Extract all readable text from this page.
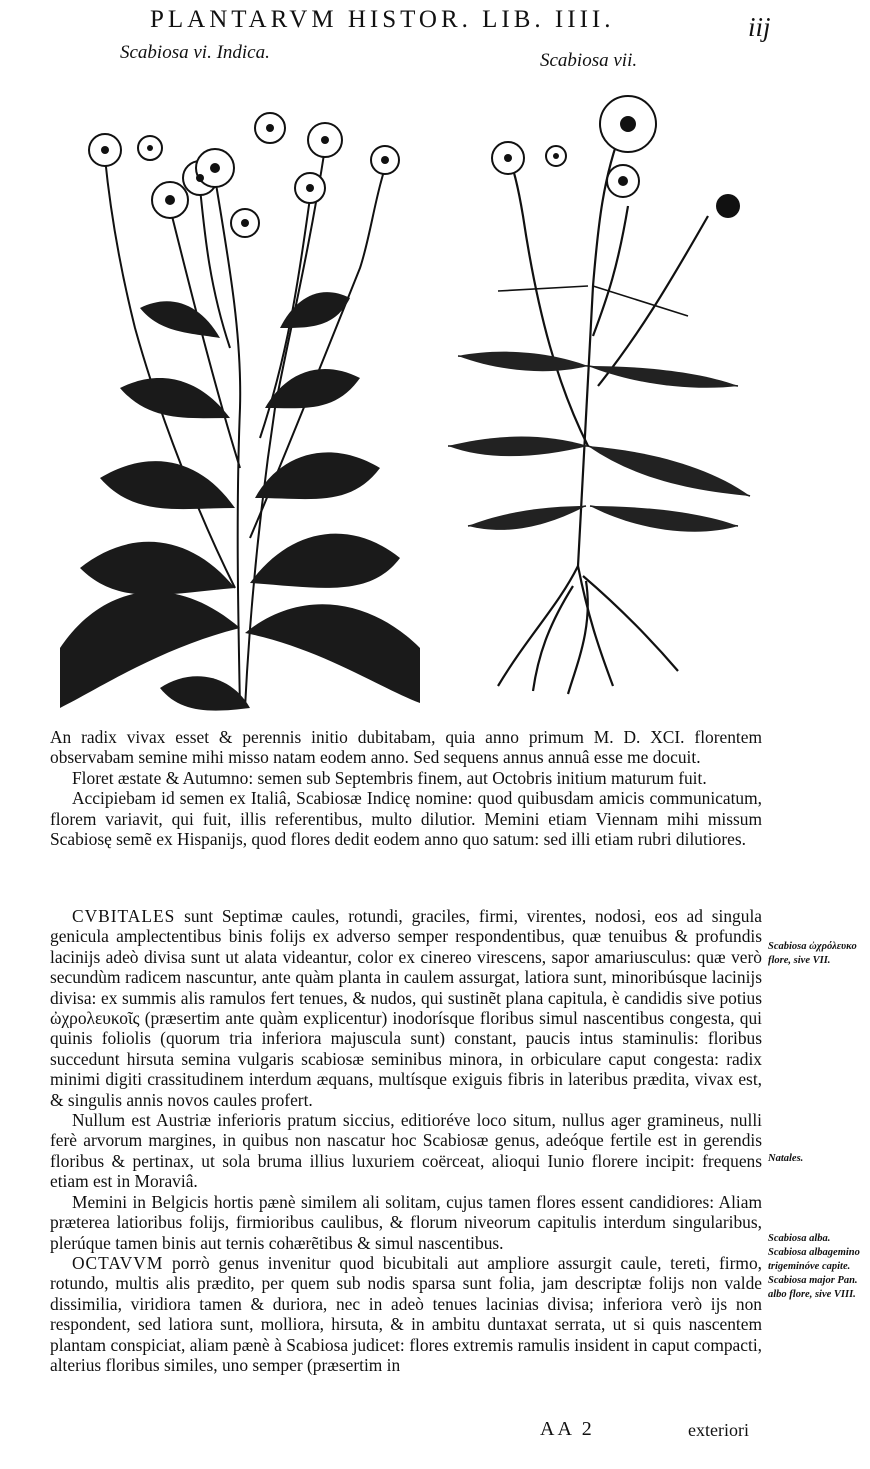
PLANTARVM HISTOR. LIB. IIII.	iij
Scabiosa vi. Indica.	Scabiosa vii.

An radix vivax esset & perennis initio dubitabam, quia anno primum M. D. XCI. florentem observabam semine mihi misso natam eodem anno. Sed sequens annus annuâ esse me docuit.

Floret æstate & Autumno: semen sub Septembris finem, aut Octobris initium maturum fuit.

Accipiebam id semen ex Italiâ, Scabiosæ Indicę nomine: quod quibusdam amicis communicatum, florem variavit, qui fuit, illis referentibus, multo dilutior. Memini etiam Viennam mihi missum Scabiosę semẽ ex Hispanijs, quod flores dedit eodem anno quo satum: sed illi etiam rubri dilutiores.

CVBITALES sunt Septimæ caules, rotundi, graciles, firmi, virentes, nodosi, eos ad singula genicula amplectentibus binis folijs ex adverso semper respondentibus, quæ tenuibus & profundis lacinijs adeò divisa sunt ut alata videantur, color ex cinereo virescens, sapor amariusculus: quæ verò secundùm radicem nascuntur, ante quàm planta in caulem assurgat, latiora sunt, minoribúsque lacinijs divisa: ex summis alis ramulos fert tenues, & nudos, qui sustinẽt plana capitula, è candidis sive potius ὠχρολευκοῖς (præsertim ante quàm explicentur) inodorísque floribus simul nascentibus congesta, qui quinis foliolis (quorum tria inferiora majuscula sunt) constant, paucis intus staminulis: floribus succedunt hirsuta semina vulgaris scabiosæ seminibus minora, in orbiculare caput congesta: radix minimi digiti crassitudinem interdum æquans, multísque exiguis fibris in lateribus prædita, vivax est, & singulis annis novos caules profert.

Nullum est Austriæ inferioris pratum siccius, editioréve loco situm, nullus ager gramineus, nulli ferè arvorum margines, in quibus non nascatur hoc Scabiosæ genus, adeóque fertile est in gerendis floribus & pertinax, ut sola bruma illius luxuriem coërceat, alioqui Iunio florere incipit: frequens etiam est in Moraviâ.

Memini in Belgicis hortis pænè similem ali solitam, cujus tamen flores essent candidiores: Aliam præterea latioribus folijs, firmioribus caulibus, & florum niveorum capitulis interdum singularibus, plerúque tamen binis aut ternis cohærẽtibus & simul nascentibus.

OCTAVVM porrò genus invenitur quod bicubitali aut ampliore assurgit caule, tereti, firmo, rotundo, multis alis prædito, per quem sub nodis sparsa sunt folia, jam descriptæ folijs non valde dissimilia, viridiora tamen & duriora, nec in adeò tenues lacinias divisa; inferiora verò ijs non respondent, sed latiora sunt, molliora, hirsuta, & in ambitu duntaxat serrata, ut si quis nascentem plantam conspiciat, aliam pænè à Scabiosa judicet: flores extremis ramulis insident in caput compacti, alterius floribus similes, uno semper (præsertim in

Scabiosa ὠχρόλευκο flore, sive VII.
Natales.
Scabiosa alba. Scabiosa albagemino trigeminóve capite. Scabiosa major Pan. albo flore, sive VIII.
AA 2	exteriori
